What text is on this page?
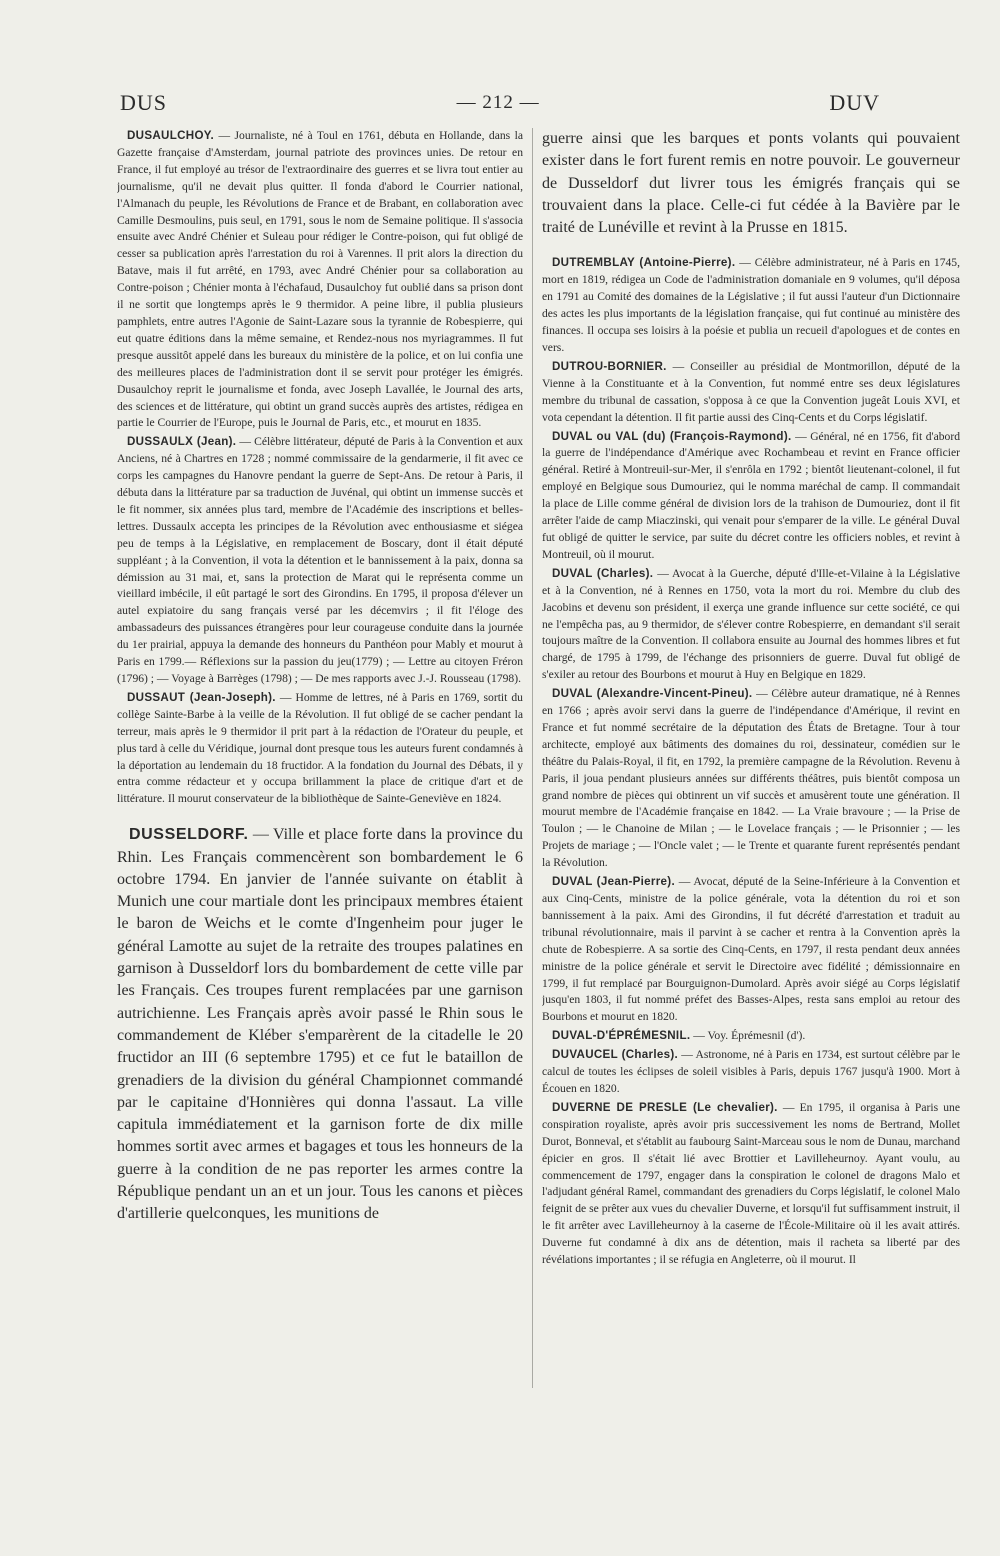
DUS	— 212 —	DUV

DUSAULCHOY. — Journaliste, né à Toul en 1761, débuta en Hollande, dans la Gazette française d'Amsterdam, journal patriote des provinces unies. De retour en France, il fut employé au trésor de l'extraordinaire des guerres et se livra tout entier au journalisme, qu'il ne devait plus quitter. Il fonda d'abord le Courrier national, l'Almanach du peuple, les Révolutions de France et de Brabant, en collaboration avec Camille Desmoulins, puis seul, en 1791, sous le nom de Semaine politique. Il s'associa ensuite avec André Chénier et Suleau pour rédiger le Contre-poison, qui fut obligé de cesser sa publication après l'arrestation du roi à Varennes. Il prit alors la direction du Batave, mais il fut arrêté, en 1793, avec André Chénier pour sa collaboration au Contre-poison ; Chénier monta à l'échafaud, Dusaulchoy fut oublié dans sa prison dont il ne sortit que longtemps après le 9 thermidor. A peine libre, il publia plusieurs pamphlets, entre autres l'Agonie de Saint-Lazare sous la tyrannie de Robespierre, qui eut quatre éditions dans la même semaine, et Rendez-nous nos myriagrammes. Il fut presque aussitôt appelé dans les bureaux du ministère de la police, et on lui confia une des meilleures places de l'administration dont il se servit pour protéger les émigrés. Dusaulchoy reprit le journalisme et fonda, avec Joseph Lavallée, le Journal des arts, des sciences et de littérature, qui obtint un grand succès auprès des artistes, rédigea en partie le Courrier de l'Europe, puis le Journal de Paris, etc., et mourut en 1835.

DUSSAULX (Jean). — Célèbre littérateur, député de Paris à la Convention et aux Anciens, né à Chartres en 1728 ; nommé commissaire de la gendarmerie, il fit avec ce corps les campagnes du Hanovre pendant la guerre de Sept-Ans. De retour à Paris, il débuta dans la littérature par sa traduction de Juvénal, qui obtint un immense succès et le fit nommer, six années plus tard, membre de l'Académie des inscriptions et belles-lettres. Dussaulx accepta les principes de la Révolution avec enthousiasme et siégea peu de temps à la Législative, en remplacement de Boscary, dont il était député suppléant ; à la Convention, il vota la détention et le bannissement à la paix, donna sa démission au 31 mai, et, sans la protection de Marat qui le représenta comme un vieillard imbécile, il eût partagé le sort des Girondins. En 1795, il proposa d'élever un autel expiatoire du sang français versé par les décemvirs ; il fit l'éloge des ambassadeurs des puissances étrangères pour leur courageuse conduite dans la journée du 1er prairial, appuya la demande des honneurs du Panthéon pour Mably et mourut à Paris en 1799.— Réflexions sur la passion du jeu(1779) ; — Lettre au citoyen Fréron (1796) ; — Voyage à Barrèges (1798) ; — De mes rapports avec J.-J. Rousseau (1798).

DUSSAUT (Jean-Joseph). — Homme de lettres, né à Paris en 1769, sortit du collège Sainte-Barbe à la veille de la Révolution. Il fut obligé de se cacher pendant la terreur, mais après le 9 thermidor il prit part à la rédaction de l'Orateur du peuple, et plus tard à celle du Véridique, journal dont presque tous les auteurs furent condamnés à la déportation au lendemain du 18 fructidor. A la fondation du Journal des Débats, il y entra comme rédacteur et y occupa brillamment la place de critique d'art et de littérature. Il mourut conservateur de la bibliothèque de Sainte-Geneviève en 1824.

DUSSELDORF. — Ville et place forte dans la province du Rhin. Les Français commencèrent son bombardement le 6 octobre 1794. En janvier de l'année suivante on établit à Munich une cour martiale dont les principaux membres étaient le baron de Weichs et le comte d'Ingenheim pour juger le général Lamotte au sujet de la retraite des troupes palatines en garnison à Dusseldorf lors du bombardement de cette ville par les Français. Ces troupes furent remplacées par une garnison autrichienne. Les Français après avoir passé le Rhin sous le commandement de Kléber s'emparèrent de la citadelle le 20 fructidor an III (6 septembre 1795) et ce fut le bataillon de grenadiers de la division du général Championnet commandé par le capitaine d'Honnières qui donna l'assaut. La ville capitula immédiatement et la garnison forte de dix mille hommes sortit avec armes et bagages et tous les honneurs de la guerre à la condition de ne pas reporter les armes contre la République pendant un an et un jour. Tous les canons et pièces d'artillerie quelconques, les munitions de

guerre ainsi que les barques et ponts volants qui pouvaient exister dans le fort furent remis en notre pouvoir. Le gouverneur de Dusseldorf dut livrer tous les émigrés français qui se trouvaient dans la place. Celle-ci fut cédée à la Bavière par le traité de Lunéville et revint à la Prusse en 1815.

DUTREMBLAY (Antoine-Pierre). — Célèbre administrateur, né à Paris en 1745, mort en 1819, rédigea un Code de l'administration domaniale en 9 volumes, qu'il déposa en 1791 au Comité des domaines de la Législative ; il fut aussi l'auteur d'un Dictionnaire des actes les plus importants de la législation française, qui fut continué au ministère des finances. Il occupa ses loisirs à la poésie et publia un recueil d'apologues et de contes en vers.

DUTROU-BORNIER. — Conseiller au présidial de Montmorillon, député de la Vienne à la Constituante et à la Convention, fut nommé entre ses deux législatures membre du tribunal de cassation, s'opposa à ce que la Convention jugeât Louis XVI, et vota cependant la détention. Il fit partie aussi des Cinq-Cents et du Corps législatif.

DUVAL ou VAL (du) (François-Raymond). — Général, né en 1756, fit d'abord la guerre de l'indépendance d'Amérique avec Rochambeau et revint en France officier général. Retiré à Montreuil-sur-Mer, il s'enrôla en 1792 ; bientôt lieutenant-colonel, il fut employé en Belgique sous Dumouriez, qui le nomma maréchal de camp. Il commandait la place de Lille comme général de division lors de la trahison de Dumouriez, dont il fit arrêter l'aide de camp Miaczinski, qui venait pour s'emparer de la ville. Le général Duval fut obligé de quitter le service, par suite du décret contre les officiers nobles, et revint à Montreuil, où il mourut.

DUVAL (Charles). — Avocat à la Guerche, député d'Ille-et-Vilaine à la Législative et à la Convention, né à Rennes en 1750, vota la mort du roi. Membre du club des Jacobins et devenu son président, il exerça une grande influence sur cette société, ce qui ne l'empêcha pas, au 9 thermidor, de s'élever contre Robespierre, en demandant s'il serait toujours maître de la Convention. Il collabora ensuite au Journal des hommes libres et fut chargé, de 1795 à 1799, de l'échange des prisonniers de guerre. Duval fut obligé de s'exiler au retour des Bourbons et mourut à Huy en Belgique en 1829.

DUVAL (Alexandre-Vincent-Pineu). — Célèbre auteur dramatique, né à Rennes en 1766 ; après avoir servi dans la guerre de l'indépendance d'Amérique, il revint en France et fut nommé secrétaire de la députation des États de Bretagne. Tour à tour architecte, employé aux bâtiments des domaines du roi, dessinateur, comédien sur le théâtre du Palais-Royal, il fit, en 1792, la première campagne de la Révolution. Revenu à Paris, il joua pendant plusieurs années sur différents théâtres, puis bientôt composa un grand nombre de pièces qui obtinrent un vif succès et amusèrent toute une génération. Il mourut membre de l'Académie française en 1842. — La Vraie bravoure ; — la Prise de Toulon ; — le Chanoine de Milan ; — le Lovelace français ; — le Prisonnier ; — les Projets de mariage ; — l'Oncle valet ; — le Trente et quarante furent représentés pendant la Révolution.

DUVAL (Jean-Pierre). — Avocat, député de la Seine-Inférieure à la Convention et aux Cinq-Cents, ministre de la police générale, vota la détention du roi et son bannissement à la paix. Ami des Girondins, il fut décrété d'arrestation et traduit au tribunal révolutionnaire, mais il parvint à se cacher et rentra à la Convention après la chute de Robespierre. A sa sortie des Cinq-Cents, en 1797, il resta pendant deux années ministre de la police générale et servit le Directoire avec fidélité ; démissionnaire en 1799, il fut remplacé par Bourguignon-Dumolard. Après avoir siégé au Corps législatif jusqu'en 1803, il fut nommé préfet des Basses-Alpes, resta sans emploi au retour des Bourbons et mourut en 1820.

DUVAL-D'ÉPRÉMESNIL. — Voy. Éprémesnil (d').

DUVAUCEL (Charles). — Astronome, né à Paris en 1734, est surtout célèbre par le calcul de toutes les éclipses de soleil visibles à Paris, depuis 1767 jusqu'à 1900. Mort à Écouen en 1820.

DUVERNE DE PRESLE (Le chevalier). — En 1795, il organisa à Paris une conspiration royaliste, après avoir pris successivement les noms de Bertrand, Mollet Durot, Bonneval, et s'établit au faubourg Saint-Marceau sous le nom de Dunau, marchand épicier en gros. Il s'était lié avec Brottier et Lavilleheurnoy. Ayant voulu, au commencement de 1797, engager dans la conspiration le colonel de dragons Malo et l'adjudant général Ramel, commandant des grenadiers du Corps législatif, le colonel Malo feignit de se prêter aux vues du chevalier Duverne, et lorsqu'il fut suffisamment instruit, il le fit arrêter avec Lavilleheurnoy à la caserne de l'École-Militaire où il les avait attirés. Duverne fut condamné à dix ans de détention, mais il racheta sa liberté par des révélations importantes ; il se réfugia en Angleterre, où il mourut. Il
